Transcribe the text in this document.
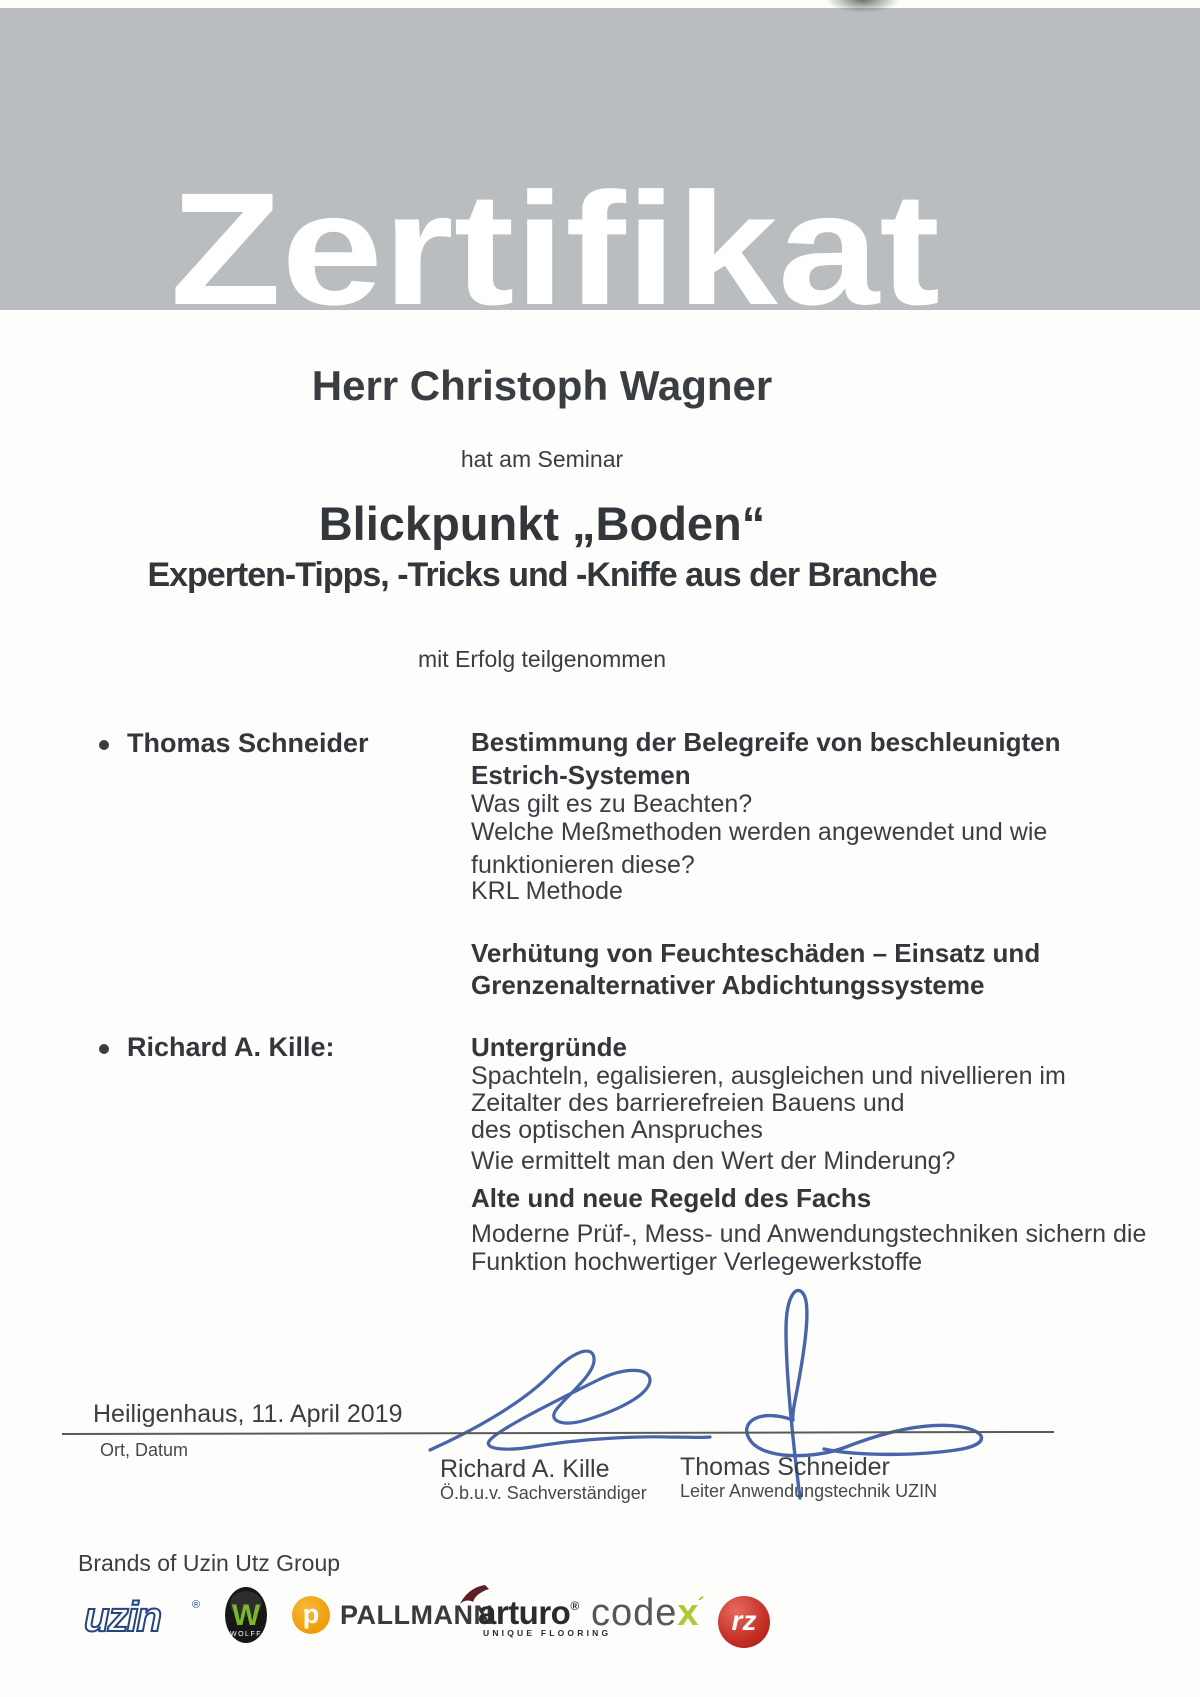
Zertifikat
Herr Christoph Wagner
hat am Seminar
Blickpunkt „Boden“
Experten-Tipps, -Tricks und -Kniffe aus der Branche
mit Erfolg teilgenommen
Thomas Schneider	Bestimmung der Belegreife von beschleunigten
Estrich-Systemen
Was gilt es zu Beachten?
Welche Meßmethoden werden angewendet und wie
funktionieren diese?
KRL Methode
Verhütung von Feuchteschäden – Einsatz und
Grenzenalternativer Abdichtungssysteme
Richard A. Kille:	Untergründe
Spachteln, egalisieren, ausgleichen und nivellieren im
Zeitalter des barrierefreien Bauens und
des optischen Anspruches
Wie ermittelt man den Wert der Minderung?
Alte und neue Regeld des Fachs
Moderne Prüf-, Mess- und Anwendungstechniken sichern die
Funktion hochwertiger Verlegewerkstoffe
Heiligenhaus, 11. April 2019
Ort, Datum
Richard A. Kille
Ö.b.u.v. Sachverständiger
Thomas Schneider
Leiter Anwendungstechnik UZIN
Brands of Uzin Utz Group
uzin	® W
WOLFF
p PALLMANN
arturo®
UNIQUE FLOORING
codex´ rz
